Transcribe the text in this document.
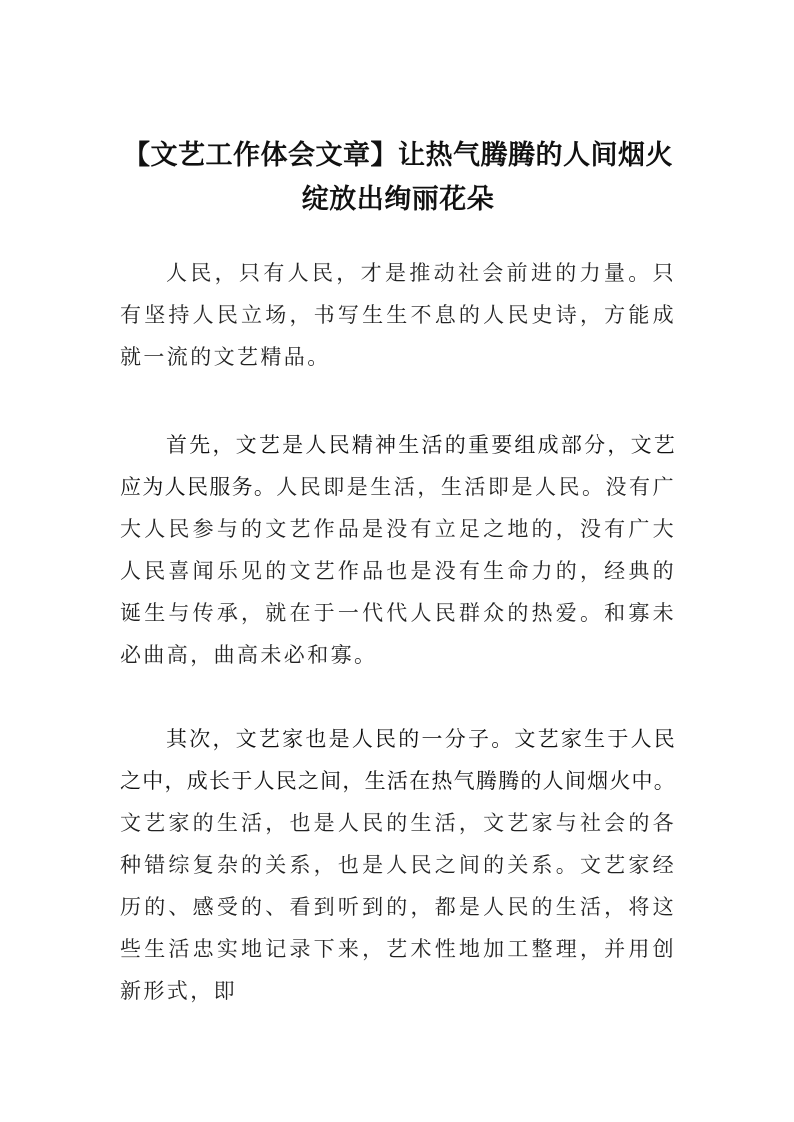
【文艺工作体会文章】让热气腾腾的人间烟火绽放出绚丽花朵

人民，只有人民，才是推动社会前进的力量。只有坚持人民立场，书写生生不息的人民史诗，方能成就一流的文艺精品。

首先，文艺是人民精神生活的重要组成部分，文艺应为人民服务。人民即是生活，生活即是人民。没有广大人民参与的文艺作品是没有立足之地的，没有广大人民喜闻乐见的文艺作品也是没有生命力的，经典的诞生与传承，就在于一代代人民群众的热爱。和寡未必曲高，曲高未必和寡。

其次，文艺家也是人民的一分子。文艺家生于人民之中，成长于人民之间，生活在热气腾腾的人间烟火中。文艺家的生活，也是人民的生活，文艺家与社会的各种错综复杂的关系，也是人民之间的关系。文艺家经历的、感受的、看到听到的，都是人民的生活，将这些生活忠实地记录下来，艺术性地加工整理，并用创新形式，即
